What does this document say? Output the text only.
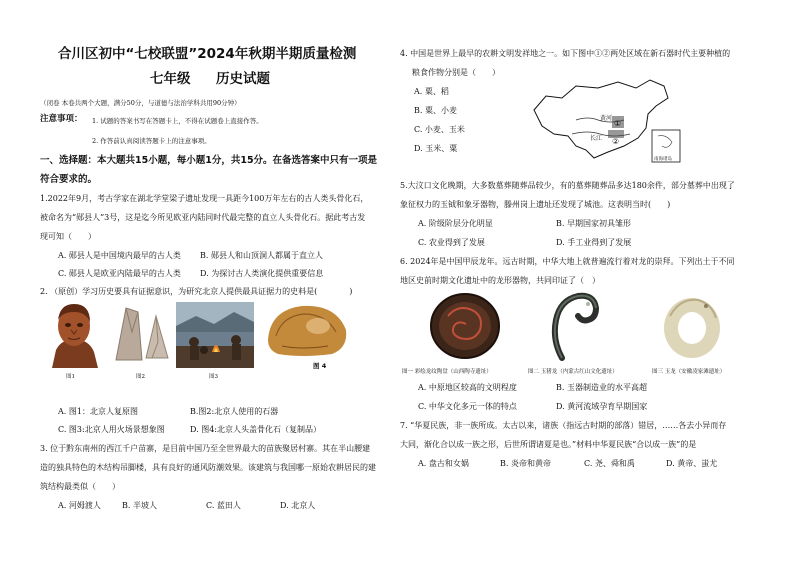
合川区初中“七校联盟”2024年秋期半期质量检测
七年级 历史试题
（闭卷 本卷共两个大题，满分50分，与道德与法治学科共用90分钟）
注意事项： 1. 试题的答案书写在答题卡上，不得在试题卷上直接作答。
2. 作答前认真阅读答题卡上的注意事项。
一、选择题：本大题共15小题，每小题1分，共15分。在备选答案中只有一项是
符合要求的。
1.2022年9月，考古学家在湖北学堂梁子遗址发现一具距今100万年左右的古人类头骨化石，
被命名为“郧县人”3号，这是迄今所见欧亚内陆同时代最完整的直立人头骨化石。据此考古发
现可知（　　）
A. 郧县人是中国境内最早的古人类 B. 郧县人和山顶洞人都属于直立人
C. 郧县人是欧亚内陆最早的古人类 D. 为探讨古人类演化提供重要信息
2. （原创）学习历史要具有证据意识，为研究北京人提供最具证据力的史料是(　　　　)
图1	图2	图3
图 4
A. 图1：北京人复原图	B.图2:北京人使用的石器
C. 图3:北京人用火场景想象图	D. 图4:北京人头盖骨化石（复制品）
3. 位于黔东南州的西江千户苗寨，是目前中国乃至全世界最大的苗族聚居村寨。其在半山腰建
造的独具特色的木结构吊脚楼，具有良好的通风防潮效果。该建筑与我国哪一原始农耕居民的建
筑结构最类似（　　）
A. 河姆渡人	B. 半坡人	C. 蓝田人	D. 北京人
4. 中国是世界上最早的农耕文明发祥地之一。如下图中①②两处区域在新石器时代主要种植的
粮食作物分别是（　　）
A. 粟、稻
B. 粟、小麦
C. 小麦、玉米
D. 玉米、粟
黄 河
长 江
①
②
南海诸岛
5.大汶口文化晚期，大多数墓葬随葬品较少，有的墓葬随葬品多达180余件，部分墓葬中出现了
象征权力的玉钺和象牙器物，滕州岗上遗址还发现了城池。这表明当时(　　)
A. 阶级阶层分化明显	B. 早期国家初具雏形
C. 农业得到了发展	D. 手工业得到了发展
6. 2024年是中国甲辰龙年。远古时期，中华大地上就普遍流行着对龙的崇拜。下列出土于不同
地区史前时期文化遗址中的龙形器物，共同印证了（　）
图一 彩绘龙纹陶盘（山西陶寺遗址）	图二 玉猪龙（内蒙古红山文化遗址）	图三 玉龙（安徽凌家滩遗址）
A. 中原地区较高的文明程度	B. 玉器制造业的水平高超
C. 中华文化多元一体的特点	D. 黄河流域孕育早期国家
7. “华夏民族，非一族所成。太古以来，诸族（指远古时期的部落）错居，……各去小异而存
大同，渐化合以成一族之形，后世所谓诸夏是也。”材料中华夏民族“合以成一族”的是
A. 盘古和女娲	B. 炎帝和黄帝	C. 尧、舜和禹	D. 黄帝、蚩尤
